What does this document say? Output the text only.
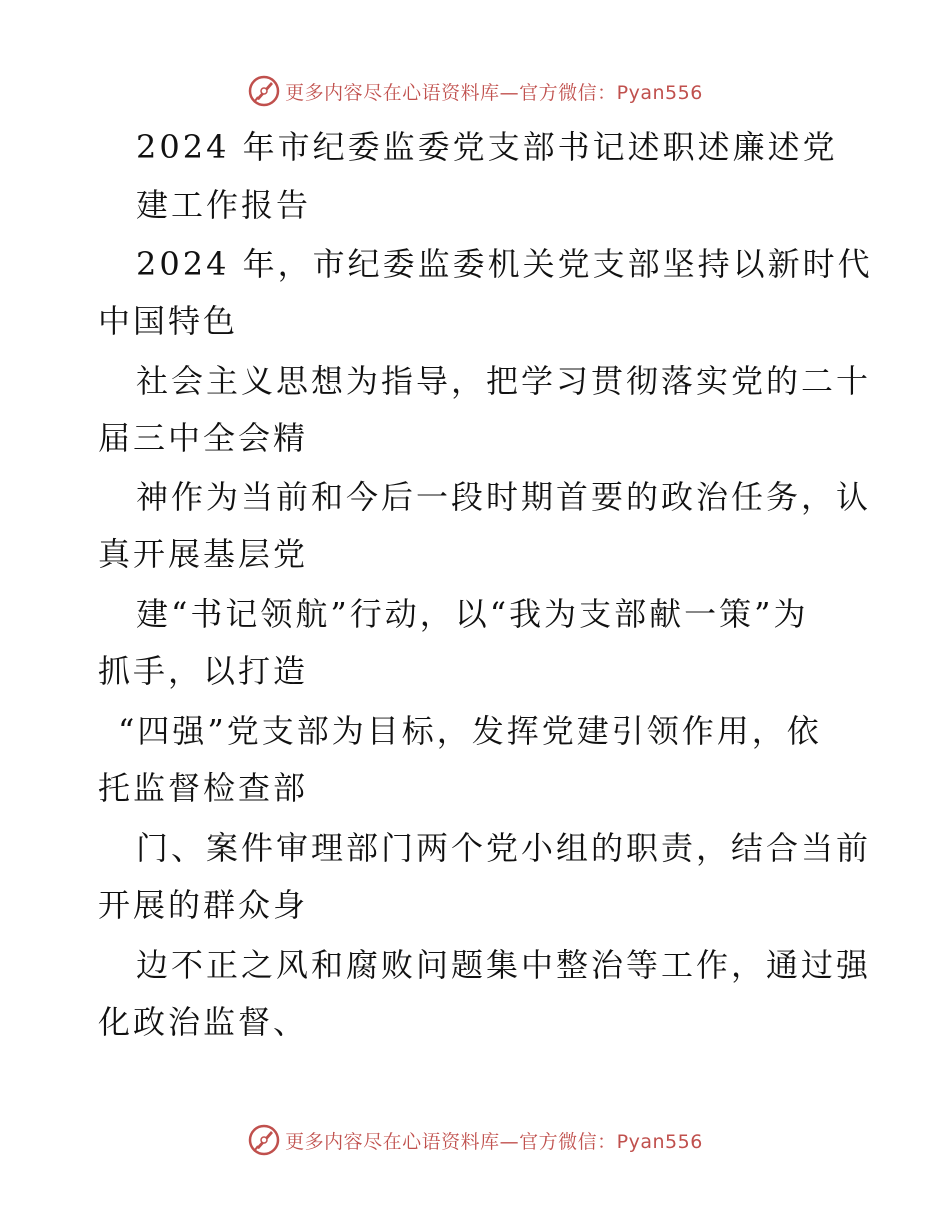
更多内容尽在心语资料库—官方微信：Pyan556
2024 年市纪委监委党支部书记述职述廉述党
建工作报告
2024 年，市纪委监委机关党支部坚持以新时代
中国特色
社会主义思想为指导，把学习贯彻落实党的二十
届三中全会精
神作为当前和今后一段时期首要的政治任务，认
真开展基层党
建“书记领航”行动，以“我为支部献一策”为
抓手，以打造
“四强”党支部为目标，发挥党建引领作用，依
托监督检查部
门、案件审理部门两个党小组的职责，结合当前
开展的群众身
边不正之风和腐败问题集中整治等工作，通过强
化政治监督、
更多内容尽在心语资料库—官方微信：Pyan556
